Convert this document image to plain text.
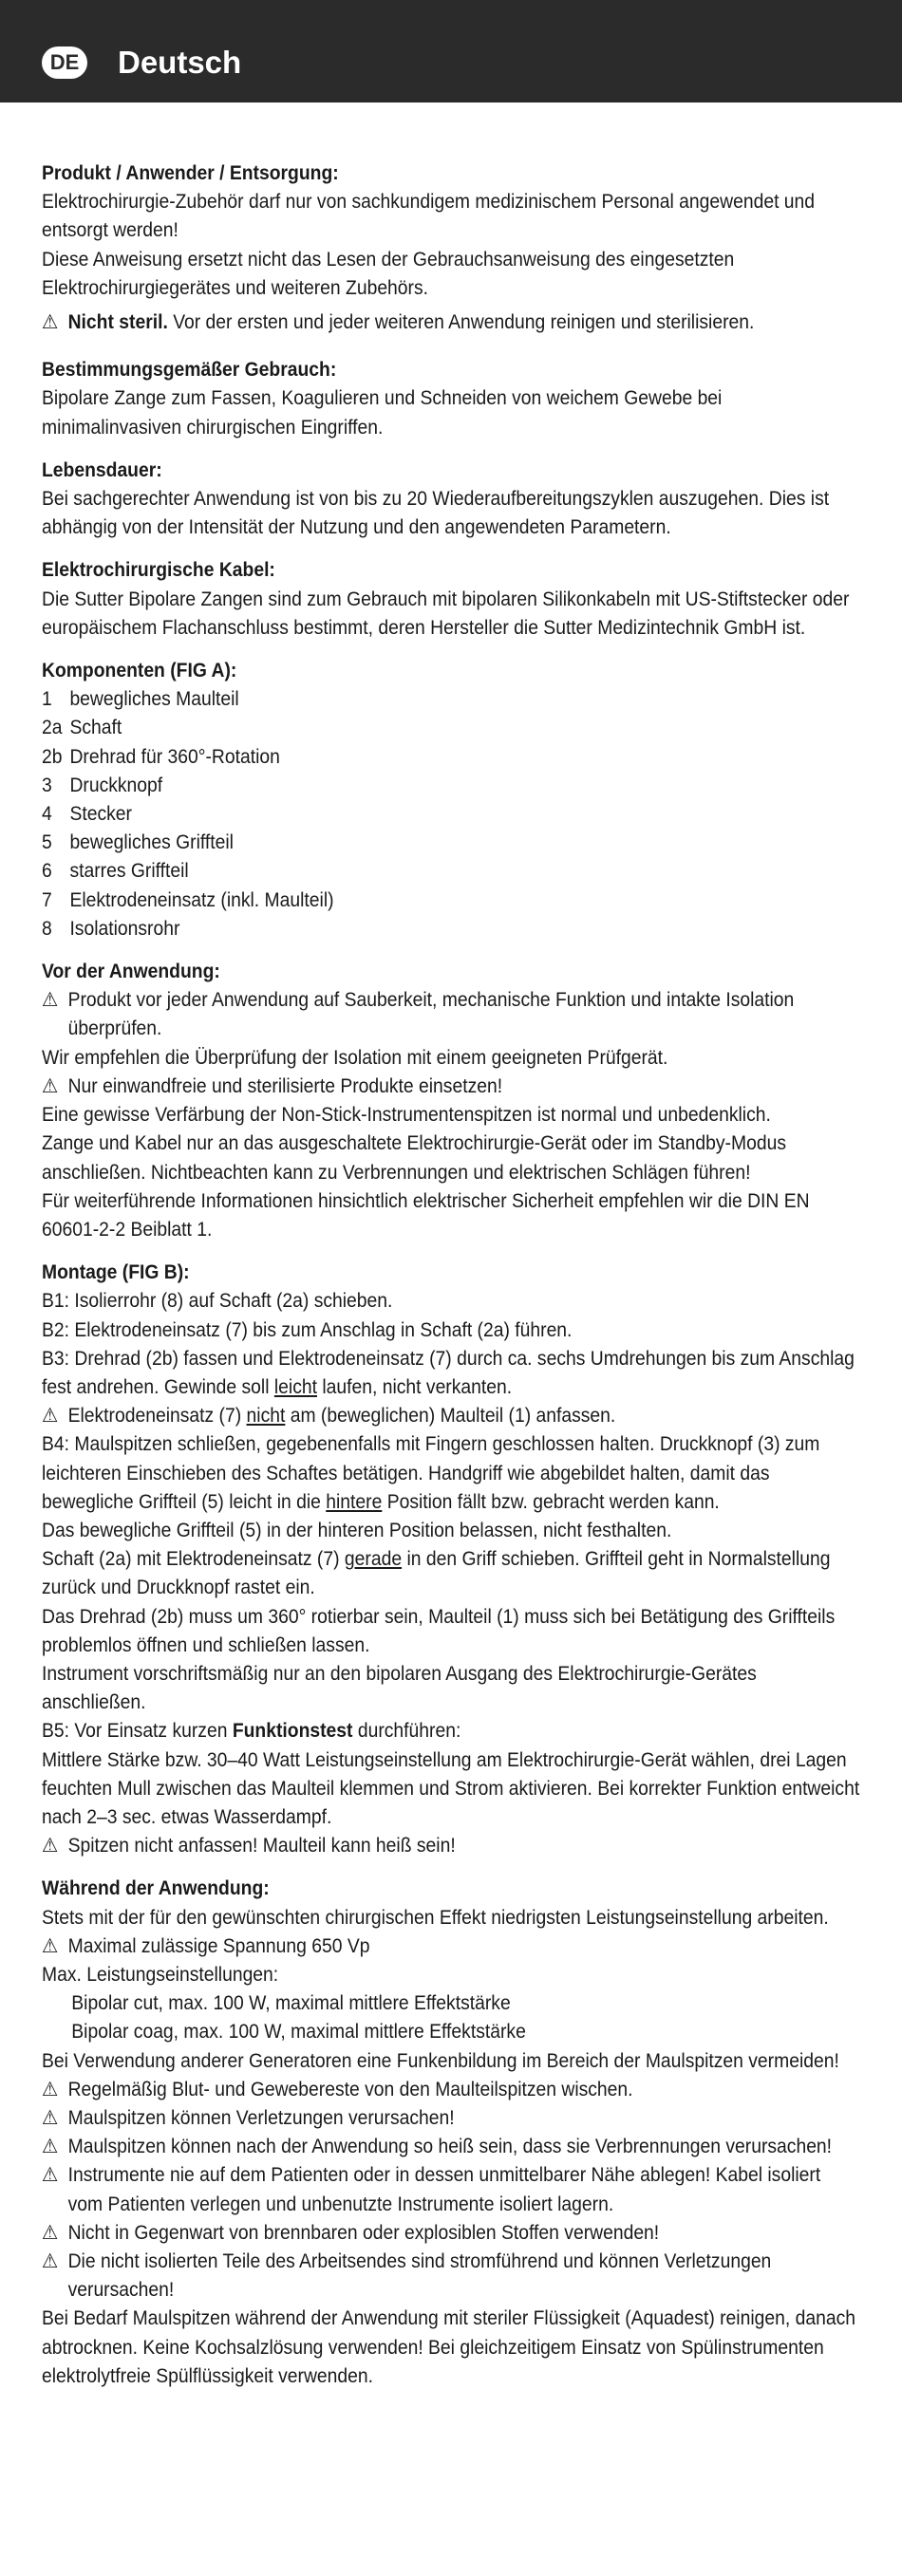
DE Deutsch
Produkt / Anwender / Entsorgung:
Elektrochirurgie-Zubehör darf nur von sachkundigem medizinischem Personal angewendet und entsorgt werden!
Diese Anweisung ersetzt nicht das Lesen der Gebrauchsanweisung des eingesetzten Elektrochirurgiegerätes und weiteren Zubehörs.
⚠ Nicht steril. Vor der ersten und jeder weiteren Anwendung reinigen und sterilisieren.
Bestimmungsgemäßer Gebrauch:
Bipolare Zange zum Fassen, Koagulieren und Schneiden von weichem Gewebe bei minimalinvasiven chirurgischen Eingriffen.
Lebensdauer:
Bei sachgerechter Anwendung ist von bis zu 20 Wiederaufbereitungszyklen auszugehen. Dies ist abhängig von der Intensität der Nutzung und den angewendeten Parametern.
Elektrochirurgische Kabel:
Die Sutter Bipolare Zangen sind zum Gebrauch mit bipolaren Silikonkabeln mit US-Stiftstecker oder europäischem Flachanschluss bestimmt, deren Hersteller die Sutter Medizintechnik GmbH ist.
Komponenten (FIG A):
1 bewegliches Maulteil
2a Schaft
2b Drehrad für 360°-Rotation
3 Druckknopf
4 Stecker
5 bewegliches Griffteil
6 starres Griffteil
7 Elektrodeneinsatz (inkl. Maulteil)
8 Isolationsrohr
Vor der Anwendung:
⚠ Produkt vor jeder Anwendung auf Sauberkeit, mechanische Funktion und intakte Isolation überprüfen.
Wir empfehlen die Überprüfung der Isolation mit einem geeigneten Prüfgerät.
⚠ Nur einwandfreie und sterilisierte Produkte einsetzen!
Eine gewisse Verfärbung der Non-Stick-Instrumentenspitzen ist normal und unbedenklich.
Zange und Kabel nur an das ausgeschaltete Elektrochirurgie-Gerät oder im Standby-Modus anschließen. Nichtbeachten kann zu Verbrennungen und elektrischen Schlägen führen!
Für weiterführende Informationen hinsichtlich elektrischer Sicherheit empfehlen wir die DIN EN 60601-2-2 Beiblatt 1.
Montage (FIG B):
B1: Isolierrohr (8) auf Schaft (2a) schieben.
B2: Elektrodeneinsatz (7) bis zum Anschlag in Schaft (2a) führen.
B3: Drehrad (2b) fassen und Elektrodeneinsatz (7) durch ca. sechs Umdrehungen bis zum Anschlag fest andrehen. Gewinde soll leicht laufen, nicht verkanten.
⚠ Elektrodeneinsatz (7) nicht am (beweglichen) Maulteil (1) anfassen.
B4: Maulspitzen schließen, gegebenenfalls mit Fingern geschlossen halten. Druckknopf (3) zum leichteren Einschieben des Schaftes betätigen. Handgriff wie abgebildet halten, damit das bewegliche Griffteil (5) leicht in die hintere Position fällt bzw. gebracht werden kann.
Das bewegliche Griffteil (5) in der hinteren Position belassen, nicht festhalten.
Schaft (2a) mit Elektrodeneinsatz (7) gerade in den Griff schieben. Griffteil geht in Normalstellung zurück und Druckknopf rastet ein.
Das Drehrad (2b) muss um 360° rotierbar sein, Maulteil (1) muss sich bei Betätigung des Griffteils problemlos öffnen und schließen lassen.
Instrument vorschriftsmäßig nur an den bipolaren Ausgang des Elektrochirurgie-Gerätes anschließen.
B5: Vor Einsatz kurzen Funktionstest durchführen:
Mittlere Stärke bzw. 30–40 Watt Leistungseinstellung am Elektrochirurgie-Gerät wählen, drei Lagen feuchten Mull zwischen das Maulteil klemmen und Strom aktivieren. Bei korrekter Funktion entweicht nach 2–3 sec. etwas Wasserdampf.
⚠ Spitzen nicht anfassen! Maulteil kann heiß sein!
Während der Anwendung:
Stets mit der für den gewünschten chirurgischen Effekt niedrigsten Leistungseinstellung arbeiten.
⚠ Maximal zulässige Spannung 650 Vp
Max. Leistungseinstellungen:
Bipolar cut, max. 100 W, maximal mittlere Effektstärke
Bipolar coag, max. 100 W, maximal mittlere Effektstärke
Bei Verwendung anderer Generatoren eine Funkenbildung im Bereich der Maulspitzen vermeiden!
⚠ Regelmäßig Blut- und Gewebereste von den Maulteilspitzen wischen.
⚠ Maulspitzen können Verletzungen verursachen!
⚠ Maulspitzen können nach der Anwendung so heiß sein, dass sie Verbrennungen verursachen!
⚠ Instrumente nie auf dem Patienten oder in dessen unmittelbarer Nähe ablegen! Kabel isoliert vom Patienten verlegen und unbenutzte Instrumente isoliert lagern.
⚠ Nicht in Gegenwart von brennbaren oder explosiblen Stoffen verwenden!
⚠ Die nicht isolierten Teile des Arbeitsendes sind stromführend und können Verletzungen verursachen!
Bei Bedarf Maulspitzen während der Anwendung mit steriler Flüssigkeit (Aquadest) reinigen, danach abtrocknen. Keine Kochsalzlösung verwenden! Bei gleichzeitigem Einsatz von Spülinstrumenten elektrolytfreie Spülflüssigkeit verwenden.
